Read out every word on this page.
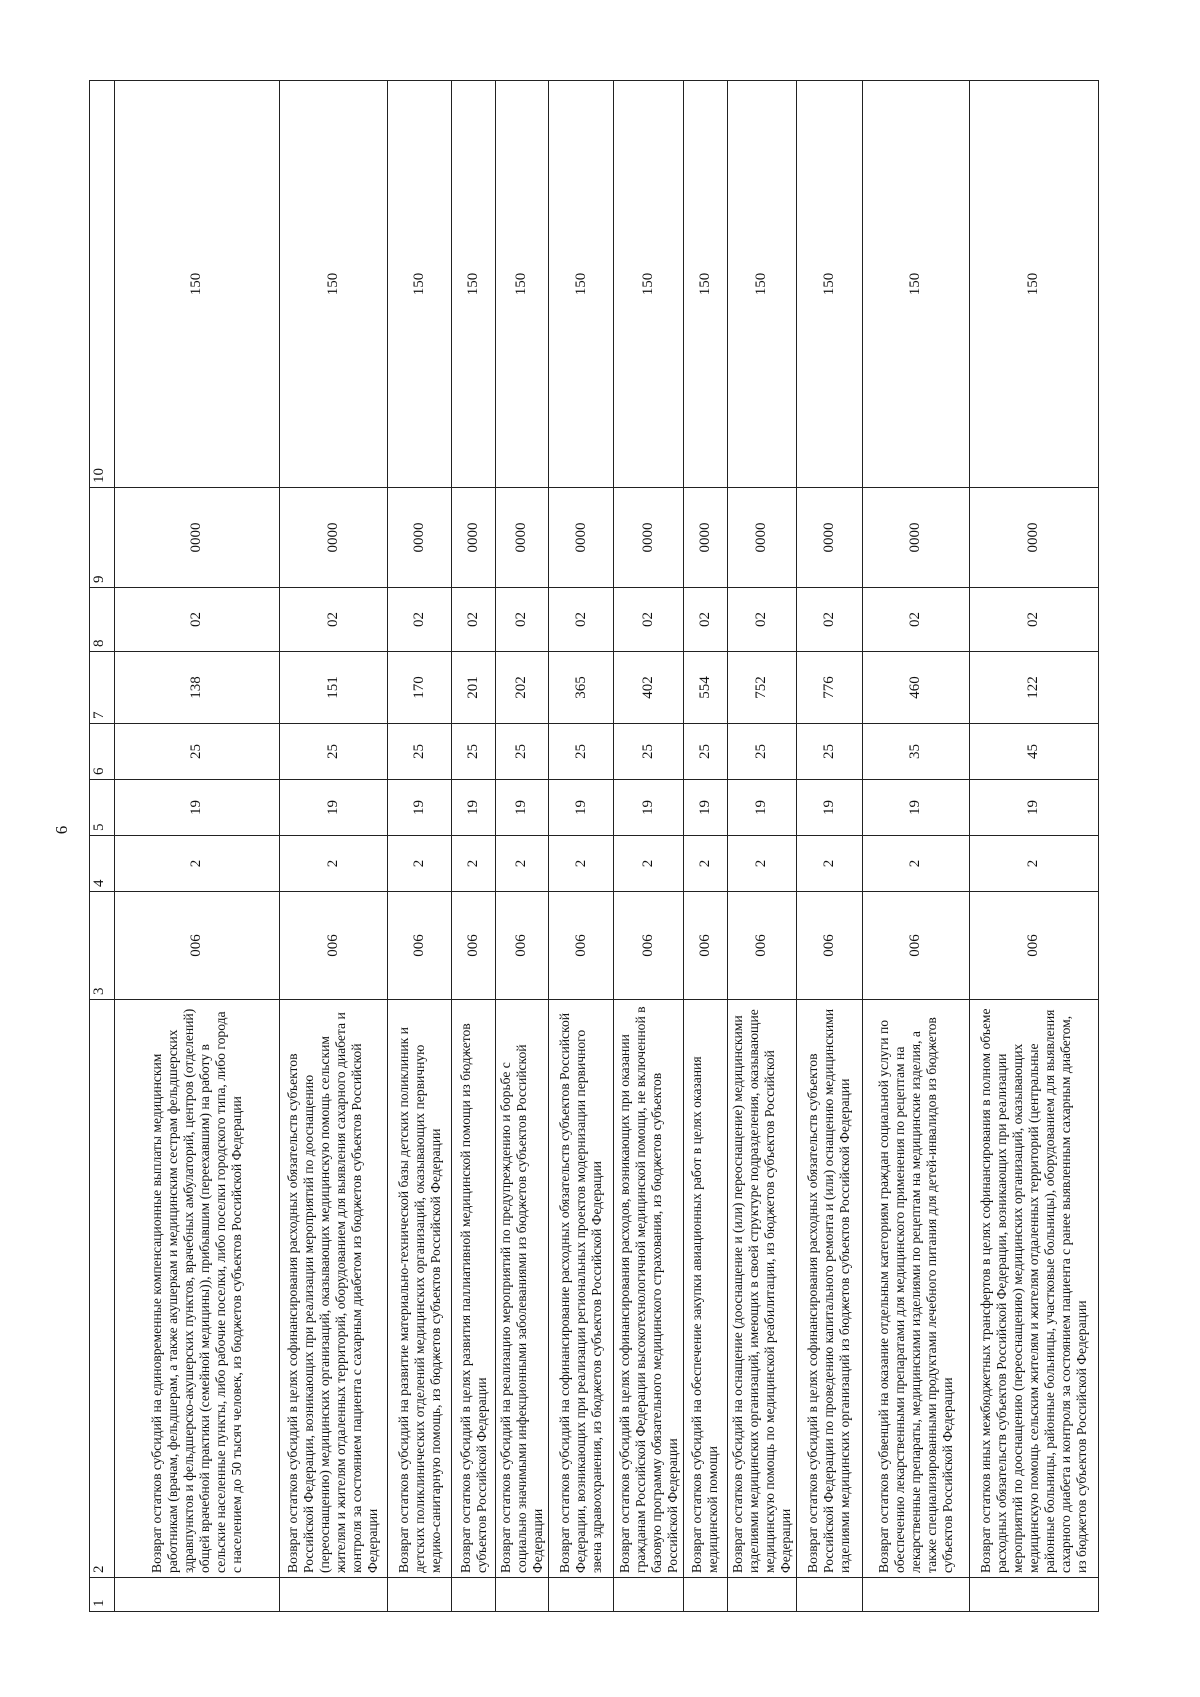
6
1	2	3	4	5	6	7	8	9	10
	Возврат остатков субсидий на единовременные компенсационные выплаты медицинским работникам (врачам, фельдшерам, а также акушеркам и медицинским сестрам фельдшерских здравпунктов и фельдшерско-акушерских пунктов, врачебных амбулаторий, центров (отделений) общей врачебной практики (семейной медицины)), прибывшим (переехавшим) на работу в сельские населенные пункты, либо рабочие поселки, либо поселки городского типа, либо города с населением до 50 тысяч человек, из бюджетов субъектов Российской Федерации	006	2	19	25	138	02	0000	150
	Возврат остатков субсидий в целях софинансирования расходных обязательств субъектов Российской Федерации, возникающих при реализации мероприятий по дооснащению (переоснащению) медицинских организаций, оказывающих медицинскую помощь сельским жителям и жителям отдаленных территорий, оборудованием для выявления сахарного диабета и контроля за состоянием пациента с сахарным диабетом из бюджетов субъектов Российской Федерации	006	2	19	25	151	02	0000	150
	Возврат остатков субсидий на развитие материально-технической базы детских поликлиник и детских поликлинических отделений медицинских организаций, оказывающих первичную медико-санитарную помощь, из бюджетов субъектов Российской Федерации	006	2	19	25	170	02	0000	150
	Возврат остатков субсидий в целях развития паллиативной медицинской помощи из бюджетов субъектов Российской Федерации	006	2	19	25	201	02	0000	150
	Возврат остатков субсидий на реализацию мероприятий по предупреждению и борьбе с социально значимыми инфекционными заболеваниями из бюджетов субъектов Российской Федерации	006	2	19	25	202	02	0000	150
	Возврат остатков субсидий на софинансирование расходных обязательств субъектов Российской Федерации, возникающих при реализации региональных проектов модернизации первичного звена здравоохранения, из бюджетов субъектов Российской Федерации	006	2	19	25	365	02	0000	150
	Возврат остатков субсидий в целях софинансирования расходов, возникающих при оказании гражданам Российской Федерации высокотехнологичной медицинской помощи, не включенной в базовую программу обязательного медицинского страхования, из бюджетов субъектов Российской Федерации	006	2	19	25	402	02	0000	150
	Возврат остатков субсидий на обеспечение закупки авиационных работ в целях оказания медицинской помощи	006	2	19	25	554	02	0000	150
	Возврат остатков субсидий на оснащение (дооснащение и (или) переоснащение) медицинскими изделиями медицинских организаций, имеющих в своей структуре подразделения, оказывающие медицинскую помощь по медицинской реабилитации, из бюджетов субъектов Российской Федерации	006	2	19	25	752	02	0000	150
	Возврат остатков субсидий в целях софинансирования расходных обязательств субъектов Российской Федерации по проведению капитального ремонта и (или) оснащению медицинскими изделиями медицинских организаций из бюджетов субъектов Российской Федерации	006	2	19	25	776	02	0000	150
	Возврат остатков субвенций на оказание отдельным категориям граждан социальной услуги по обеспечению лекарственными препаратами для медицинского применения по рецептам на лекарственные препараты, медицинскими изделиями по рецептам на медицинские изделия, а также специализированными продуктами лечебного питания для детей-инвалидов из бюджетов субъектов Российской Федерации	006	2	19	35	460	02	0000	150
	Возврат остатков иных межбюджетных трансфертов в целях софинансирования в полном объеме расходных обязательств субъектов Российской Федерации, возникающих при реализации мероприятий по дооснащению (переоснащению) медицинских организаций, оказывающих медицинскую помощь сельским жителям и жителям отдаленных территорий (центральные районные больницы, районные больницы, участковые больницы), оборудованием для выявления сахарного диабета и контроля за состоянием пациента с ранее выявленным сахарным диабетом, из бюджетов субъектов Российской Федерации	006	2	19	45	122	02	0000	150
